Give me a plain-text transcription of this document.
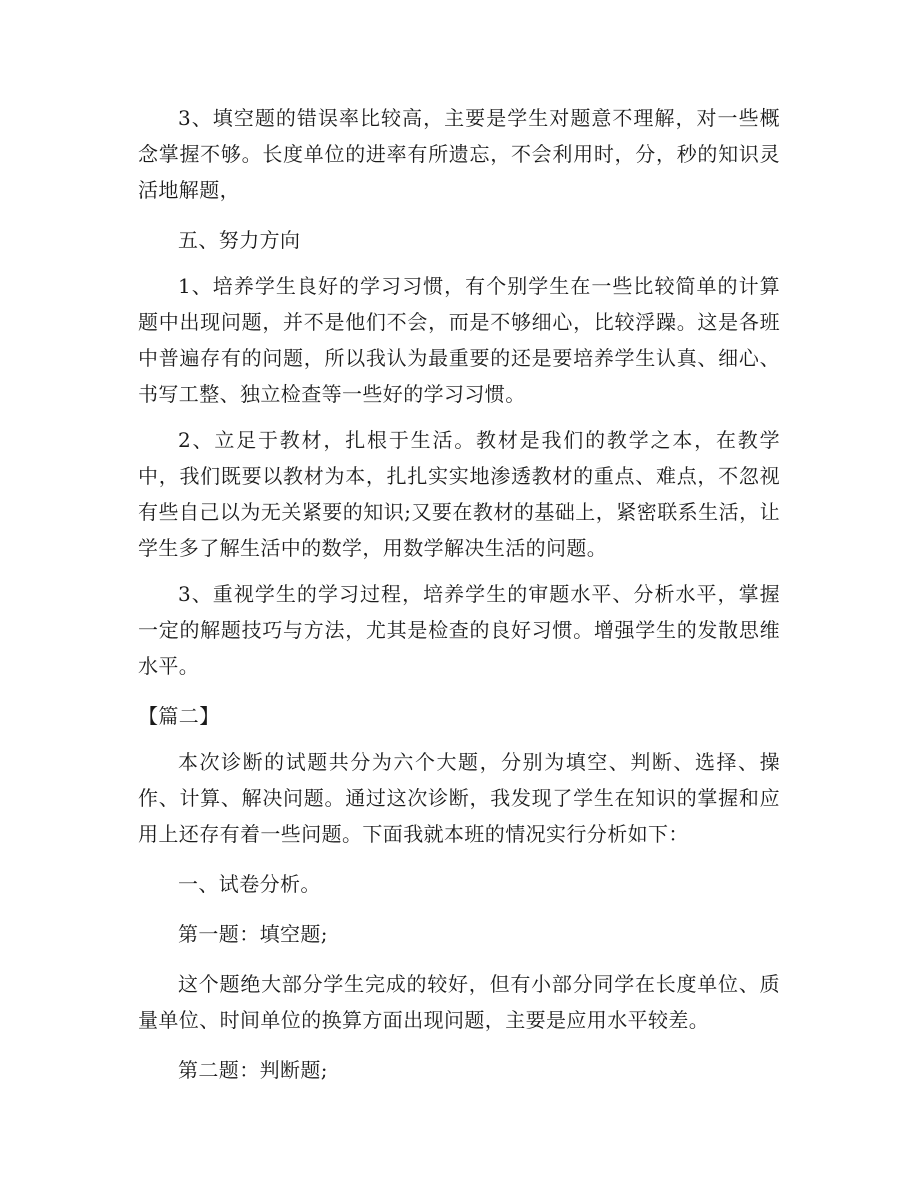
3、填空题的错误率比较高，主要是学生对题意不理解，对一些概念掌握不够。长度单位的进率有所遗忘，不会利用时，分，秒的知识灵活地解题，

五、努力方向

1、培养学生良好的学习习惯，有个别学生在一些比较简单的计算题中出现问题，并不是他们不会，而是不够细心，比较浮躁。这是各班中普遍存有的问题，所以我认为最重要的还是要培养学生认真、细心、书写工整、独立检查等一些好的学习习惯。

2、立足于教材，扎根于生活。教材是我们的教学之本，在教学中，我们既要以教材为本，扎扎实实地渗透教材的重点、难点，不忽视有些自己以为无关紧要的知识;又要在教材的基础上，紧密联系生活，让学生多了解生活中的数学，用数学解决生活的问题。

3、重视学生的学习过程，培养学生的审题水平、分析水平，掌握一定的解题技巧与方法，尤其是检查的良好习惯。增强学生的发散思维水平。

【篇二】

本次诊断的试题共分为六个大题，分别为填空、判断、选择、操作、计算、解决问题。通过这次诊断，我发现了学生在知识的掌握和应用上还存有着一些问题。下面我就本班的情况实行分析如下：

一、试卷分析。

第一题：填空题;

这个题绝大部分学生完成的较好，但有小部分同学在长度单位、质量单位、时间单位的换算方面出现问题，主要是应用水平较差。

第二题：判断题;
